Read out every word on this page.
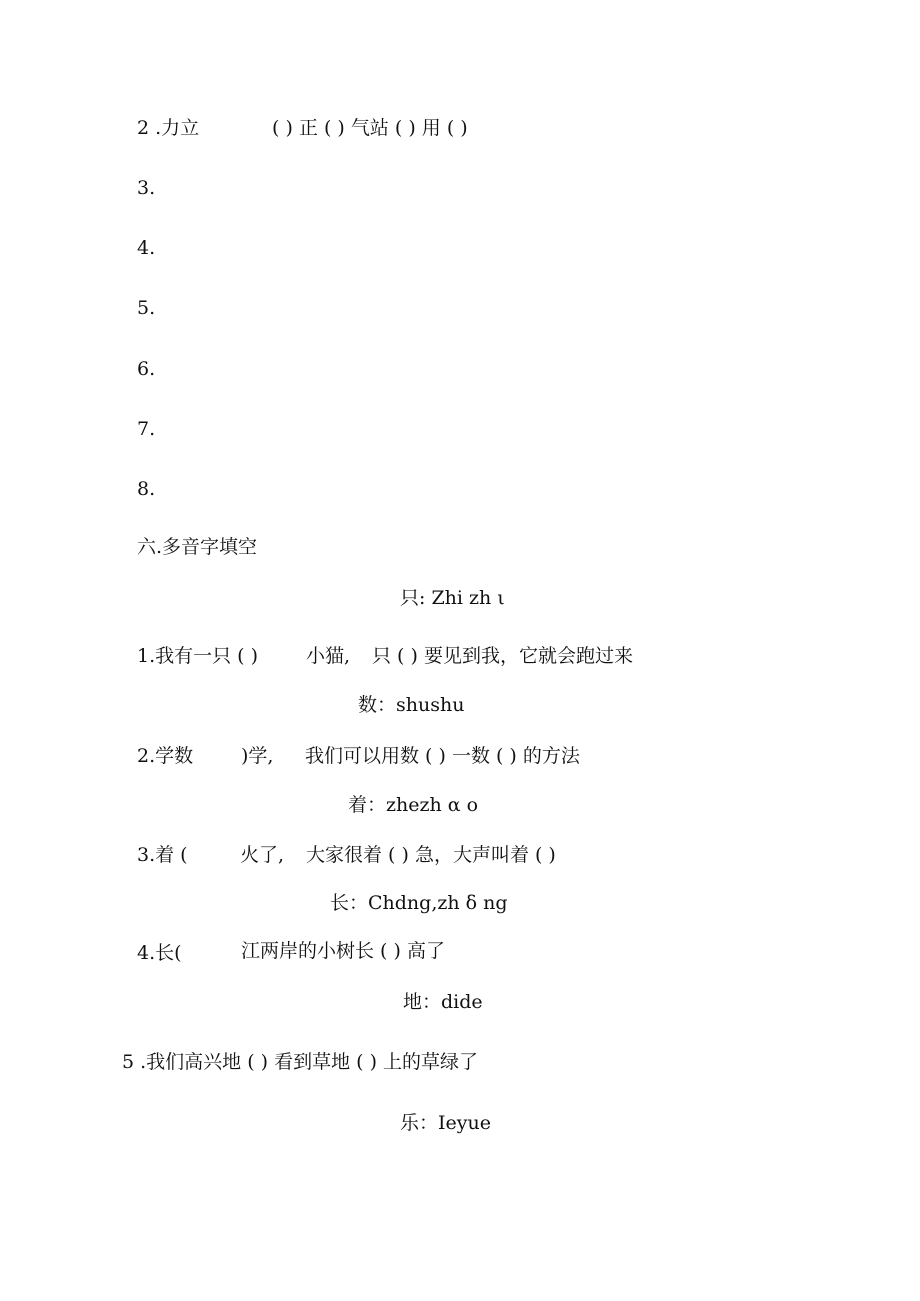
2 .力立	( ) 正 ( ) 气站 ( ) 用 ( )
3.
4.
5.
6.
7.
8.
六.多音字填空
只: Zhi zh ι
1.我有一只 ( )	小猫, 只 ( ) 要见到我，它就会跑过来
数：shushu
2.学数	)学, 我们可以用数 ( ) 一数 ( ) 的方法
着：zhezh α o
3.着 (	火了, 大家很着 ( ) 急，大声叫着 ( )
长：Chdng,zh δ ng
4.长(	江两岸的小树长 ( ) 高了
地：dide
5 .我们高兴地 ( ) 看到草地 ( ) 上的草绿了
乐：Ieyue
